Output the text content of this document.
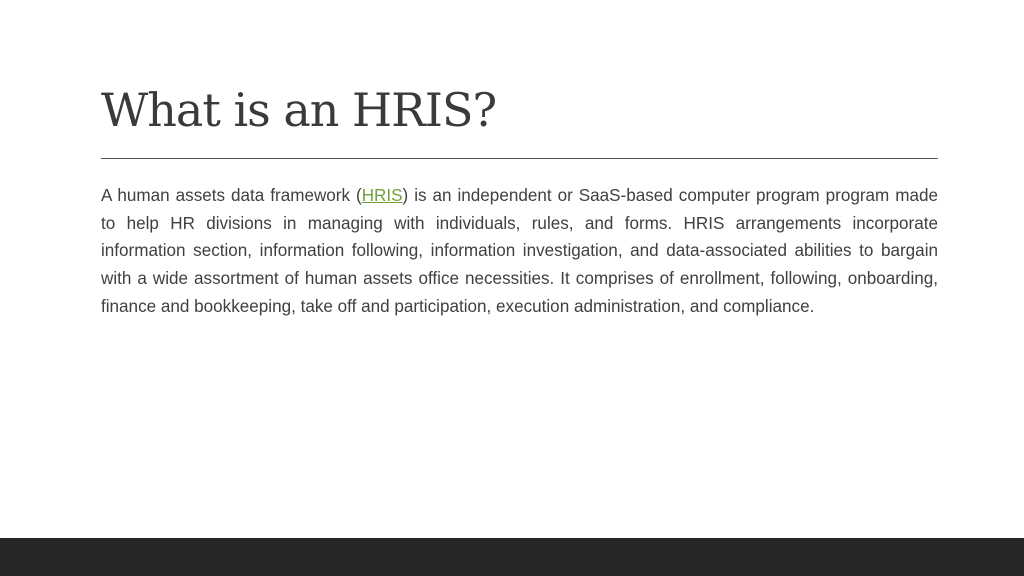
What is an HRIS?

A human assets data framework (HRIS) is an independent or SaaS-based computer program program made to help HR divisions in managing with individuals, rules, and forms. HRIS arrangements incorporate information section, information following, information investigation, and data-associated abilities to bargain with a wide assortment of human assets office necessities. It comprises of enrollment, following, onboarding, finance and bookkeeping, take off and participation, execution administration, and compliance.
